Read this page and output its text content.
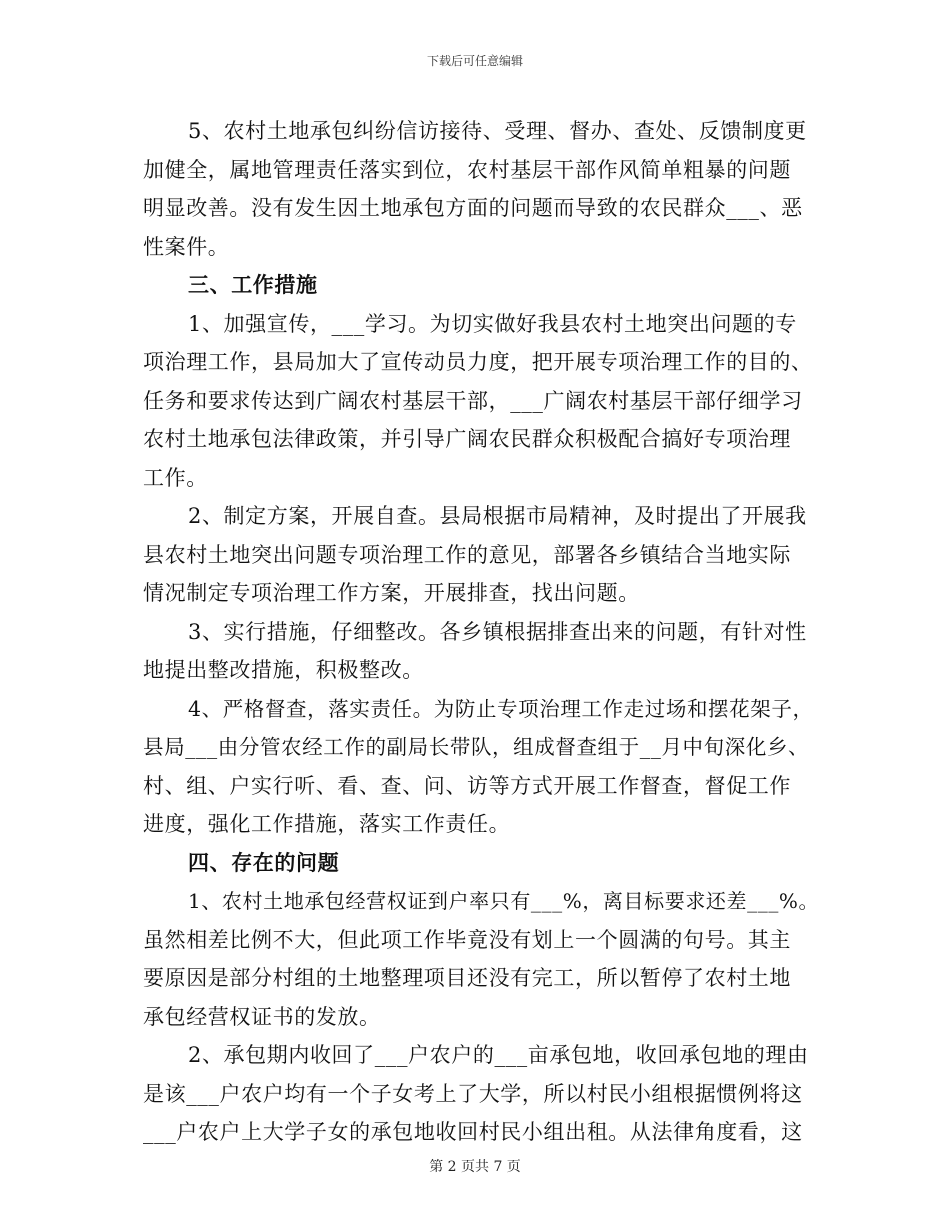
下载后可任意编辑
5、农村土地承包纠纷信访接待、受理、督办、查处、反馈制度更
加健全，属地管理责任落实到位，农村基层干部作风简单粗暴的问题
明显改善。没有发生因土地承包方面的问题而导致的农民群众___、恶
性案件。
三、工作措施
1、加强宣传，___学习。为切实做好我县农村土地突出问题的专
项治理工作，县局加大了宣传动员力度，把开展专项治理工作的目的、
任务和要求传达到广阔农村基层干部，___广阔农村基层干部仔细学习
农村土地承包法律政策，并引导广阔农民群众积极配合搞好专项治理
工作。
2、制定方案，开展自查。县局根据市局精神，及时提出了开展我
县农村土地突出问题专项治理工作的意见，部署各乡镇结合当地实际
情况制定专项治理工作方案，开展排查，找出问题。
3、实行措施，仔细整改。各乡镇根据排查出来的问题，有针对性
地提出整改措施，积极整改。
4、严格督查，落实责任。为防止专项治理工作走过场和摆花架子，
县局___由分管农经工作的副局长带队，组成督查组于__月中旬深化乡、
村、组、户实行听、看、查、问、访等方式开展工作督查，督促工作
进度，强化工作措施，落实工作责任。
四、存在的问题
1、农村土地承包经营权证到户率只有___%，离目标要求还差___%。
虽然相差比例不大，但此项工作毕竟没有划上一个圆满的句号。其主
要原因是部分村组的土地整理项目还没有完工，所以暂停了农村土地
承包经营权证书的发放。
2、承包期内收回了___户农户的___亩承包地，收回承包地的理由
是该___户农户均有一个子女考上了大学，所以村民小组根据惯例将这
___户农户上大学子女的承包地收回村民小组出租。从法律角度看，这
第 2 页共 7 页
